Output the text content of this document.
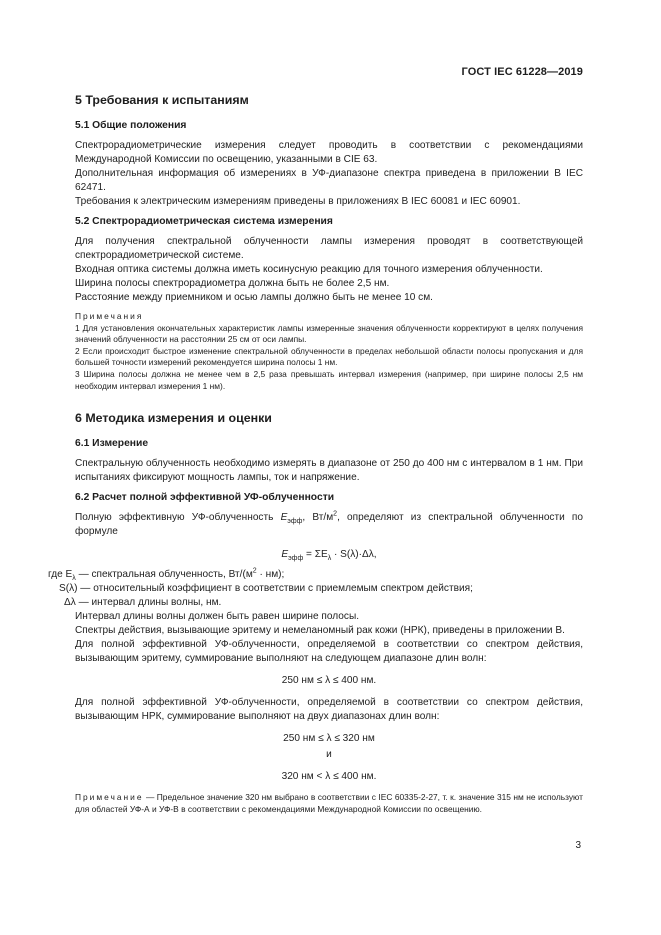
ГОСТ IEC 61228—2019

5 Требования к испытаниям

5.1 Общие положения

Спектрорадиометрические измерения следует проводить в соответствии с рекомендациями Международной Комиссии по освещению, указанными в CIE 63.

Дополнительная информация об измерениях в УФ-диапазоне спектра приведена в приложении В IEC 62471.

Требования к электрическим измерениям приведены в приложениях В IEC 60081 и IEC 60901.

5.2 Спектрорадиометрическая система измерения

Для получения спектральной облученности лампы измерения проводят в соответствующей спектрорадиометрической системе.

Входная оптика системы должна иметь косинусную реакцию для точного измерения облученности.

Ширина полосы спектрорадиометра должна быть не более 2,5 нм.

Расстояние между приемником и осью лампы должно быть не менее 10 см.

Примечания

1 Для установления окончательных характеристик лампы измеренные значения облученности корректируют в целях получения значений облученности на расстоянии 25 см от оси лампы.

2 Если происходит быстрое изменение спектральной облученности в пределах небольшой области полосы пропускания и для большей точности измерений рекомендуется ширина полосы 1 нм.

3 Ширина полосы должна не менее чем в 2,5 раза превышать интервал измерения (например, при ширине полосы 2,5 нм необходим интервал измерения 1 нм).

6 Методика измерения и оценки

6.1 Измерение

Спектральную облученность необходимо измерять в диапазоне от 250 до 400 нм с интервалом в 1 нм. При испытаниях фиксируют мощность лампы, ток и напряжение.

6.2 Расчет полной эффективной УФ-облученности

Полную эффективную УФ-облученность $E_{эфф}$, $Вт/м^2$, определяют из спектральной облученности по формуле

$E_{эфф} = \Sigma E_\lambda \cdot S(\lambda)\cdot\Delta\lambda$,

где $E_\lambda$ — спектральная облученность, $Вт/(м^2 \cdot нм)$;

S(λ) — относительный коэффициент в соответствии с приемлемым спектром действия;

Δλ — интервал длины волны, нм.

Интервал длины волны должен быть равен ширине полосы.

Спектры действия, вызывающие эритему и немеланомный рак кожи (НРК), приведены в приложении В.

Для полной эффективной УФ-облученности, определяемой в соответствии со спектром действия, вызывающим эритему, суммирование выполняют на следующем диапазоне длин волн:

250 нм ≤ λ ≤ 400 нм.

Для полной эффективной УФ-облученности, определяемой в соответствии со спектром действия, вызывающим НРК, суммирование выполняют на двух диапазонах длин волн:

250 нм ≤ λ ≤ 320 нм

и

320 нм < λ ≤ 400 нм.

Примечание — Предельное значение 320 нм выбрано в соответствии с IEC 60335-2-27, т. к. значение 315 нм не используют для областей УФ-А и УФ-В в соответствии с рекомендациями Международной Комиссии по освещению.

3
